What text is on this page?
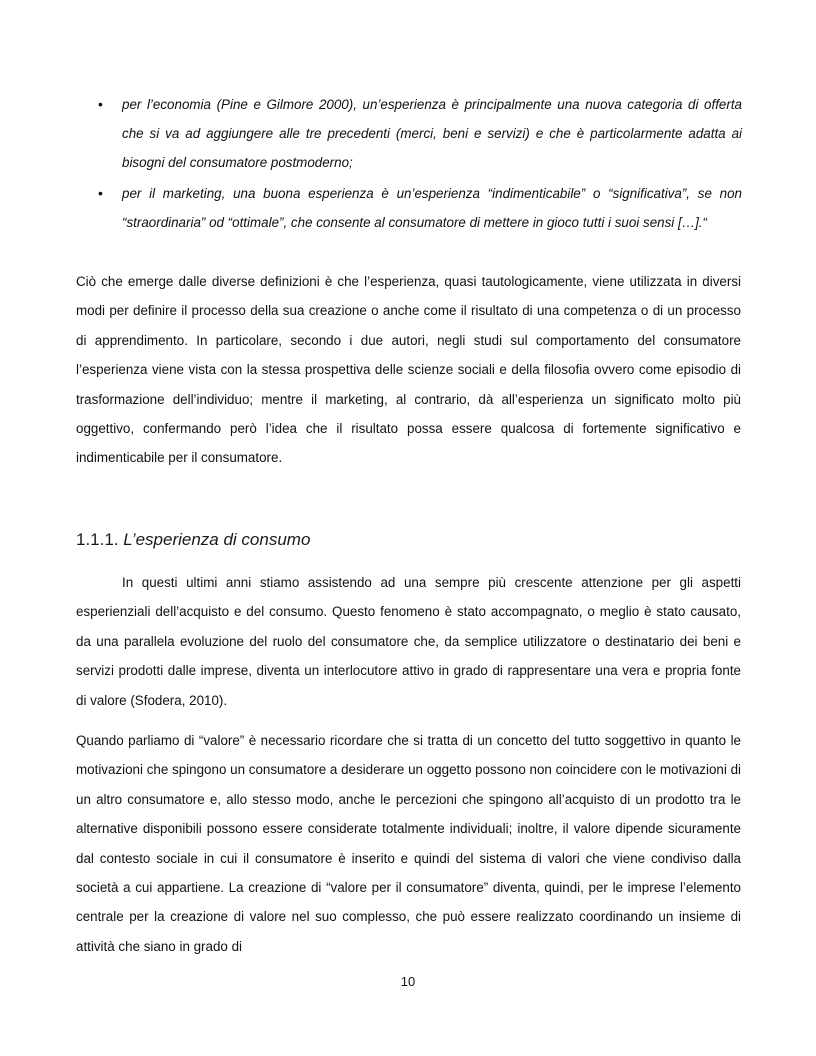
• per l’economia (Pine e Gilmore 2000), un’esperienza è principalmente una nuova categoria di offerta che si va ad aggiungere alle tre precedenti (merci, beni e servizi) e che è particolarmente adatta ai bisogni del consumatore postmoderno;
• per il marketing, una buona esperienza è un’esperienza “indimenticabile” o “significativa”, se non “straordinaria” od “ottimale”, che consente al consumatore di mettere in gioco tutti i suoi sensi […].“
Ciò che emerge dalle diverse definizioni è che l’esperienza, quasi tautologicamente, viene utilizzata in diversi modi per definire il processo della sua creazione o anche come il risultato di una competenza o di un processo di apprendimento. In particolare, secondo i due autori, negli studi sul comportamento del consumatore l’esperienza viene vista con la stessa prospettiva delle scienze sociali e della filosofia ovvero come episodio di trasformazione dell’individuo; mentre il marketing, al contrario, dà all’esperienza un significato molto più oggettivo, confermando però l’idea che il risultato possa essere qualcosa di fortemente significativo e indimenticabile per il consumatore.
1.1.1. L’esperienza di consumo
In questi ultimi anni stiamo assistendo ad una sempre più crescente attenzione per gli aspetti esperienziali dell’acquisto e del consumo. Questo fenomeno è stato accompagnato, o meglio è stato causato, da una parallela evoluzione del ruolo del consumatore che, da semplice utilizzatore o destinatario dei beni e servizi prodotti dalle imprese, diventa un interlocutore attivo in grado di rappresentare una vera e propria fonte di valore (Sfodera, 2010).
Quando parliamo di “valore” è necessario ricordare che si tratta di un concetto del tutto soggettivo in quanto le motivazioni che spingono un consumatore a desiderare un oggetto possono non coincidere con le motivazioni di un altro consumatore e, allo stesso modo, anche le percezioni che spingono all’acquisto di un prodotto tra le alternative disponibili possono essere considerate totalmente individuali; inoltre, il valore dipende sicuramente dal contesto sociale in cui il consumatore è inserito e quindi del sistema di valori che viene condiviso dalla società a cui appartiene. La creazione di “valore per il consumatore” diventa, quindi, per le imprese l’elemento centrale per la creazione di valore nel suo complesso, che può essere realizzato coordinando un insieme di attività che siano in grado di
10
